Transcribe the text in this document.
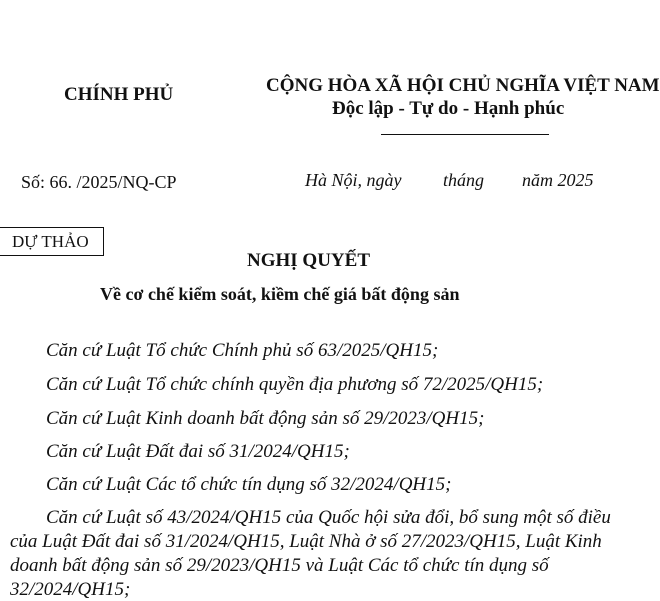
CHÍNH PHỦ	CỘNG HÒA XÃ HỘI CHỦ NGHĨA VIỆT NAM
Độc lập - Tự do - Hạnh phúc
Số: 66. /2025/NQ-CP	Hà Nội, ngày tháng năm 2025
DỰ THẢO
NGHỊ QUYẾT
Về cơ chế kiểm soát, kiềm chế giá bất động sản
Căn cứ Luật Tổ chức Chính phủ số 63/2025/QH15;
Căn cứ Luật Tổ chức chính quyền địa phương số 72/2025/QH15;
Căn cứ Luật Kinh doanh bất động sản số 29/2023/QH15;
Căn cứ Luật Đất đai số 31/2024/QH15;
Căn cứ Luật Các tổ chức tín dụng số 32/2024/QH15;
Căn cứ Luật số 43/2024/QH15 của Quốc hội sửa đổi, bổ sung một số điều
của Luật Đất đai số 31/2024/QH15, Luật Nhà ở số 27/2023/QH15, Luật Kinh
doanh bất động sản số 29/2023/QH15 và Luật Các tổ chức tín dụng số
32/2024/QH15;
